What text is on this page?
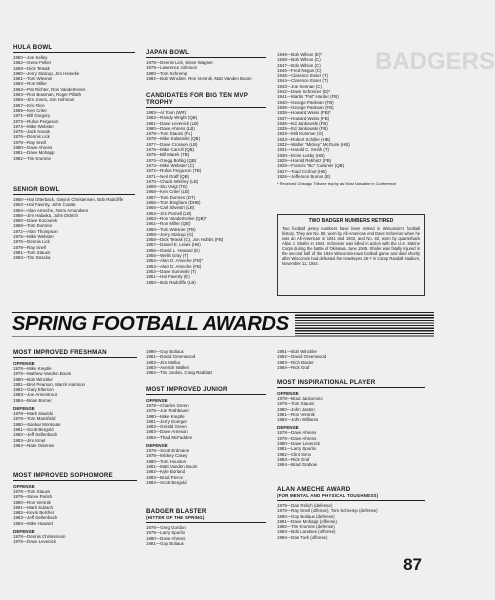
BADGERS
HULA BOWL
1950—Joe Kelley
1952—Gene Felker
1959—Dick Teteak
1960—Jerry Stalcup, Jim Heineke
1961—Tom Wiesner
1962—Ron Miller
1963—Pat Richter, Ron VanderKelen
1964—Ron Bowman, Roger Pillath
1965—Jim Jones, Jon Hohman
1967—Eric Rice
1969—Ken Criter
1971—Bill Gregory
1973—Rufus Ferguson
1974—Mike Webster
1975—Jack Novak
1976—Dennis Lick
1979—Ray Snell
1980—Dave Ahrens
1981—Dave Mohapp
1982—Tim Krumrie
SENIOR BOWL
1950—Hal Otterback, Gwynn Christensen, Bob Radcliffe
1952—Hal Faverty, John Coatta
1954—Alan Ameche, Norm Amundsen
1956—Jim Haluska, John Dittrich
1960—Dave Kocourek
1968—Tom Domres
1972—Alan Thompson
1975—Mike Webster
1976—Dennis Lick
1979—Ray Snell
1981—Tom Stauss
1983—Tim Stracka
JAPAN BOWL
1978—Dennis Lick, Steve Wagner
1979—Lawrence Johnson
1980—Tom Schremp
1982—Bob Winckler, Ron Versnik, Matt Vanden Boom
CANDIDATES FOR BIG TEN MVP TROPHY
1983—Al Toon (WR)
1982—Randy Wright (QB)
1981—Dave Levenick (LB)
1980—Dave Ahrens (LB)
1979—Tom Stauss (FL)
1978—Mike Kalasmiki (QB)
1977—Dave Crossen (LB)
1976—Mike Carroll (QB)
1975—Bill Marek (TB)
1974—Gregg Bohlig (QB)
1973—Mike Webster (C)
1972—Rufus Ferguson (TB)
1971—Neil Graff (QB)
1970—Chuck Winfrey (LB)
1969—Stu Voigt (TE)
1968—Ken Criter (LB)
1967—Tom Domres (DT)
1966—Tom Bingham (DHB)
1965—Carl Silvestri (LB)
1964—Jim Purnell (LB)
1963—Ron VanderKelen (QB)*
1961—Ron Miller (QB)
1960—Tom Wiesner (FB)
1959—Jerry Stalcup (G)
1958—Dick Teteak (C), Jon Hobbs (FB)
1957—Daniel E. Lewis (HB)
1956—David L. Howard (E)
1955—Wells Gray (T)
1954—Alan D. Ameche (FB)*
1953—Alan D. Ameche (FB)
1952—Dave Suminski (T)
1951—Hal Faverty (E)
1950—Bob Radcliffe (LB)
1949—Bob Wilson (E)*
1948—Bob Wilson (C)
1947—Bob Wilson (C)
1946—Fred Negus (C)
1945—Clarence Esser (T)
1944—Clarence Esser (T)
1943—Joe Keenan (C)
1942—Dave Schreiner (E)*
1941—Martin "Pat" Harder (FB)
1940—George Paskvan (FB)
1939—George Paskvan (FB)
1938—Howard Weiss (FB)*
1937—Howard Weiss (FB)
1936—Ed Jankowski (FB)
1935—Ed Jankowski (FB)
1934—Milt Kummer (G)
1933—Robert Schiller (HB)
1932—Walter "Mickey" McGuire (HB)
1931—Harold C. Smith (T)
1930—Ernie Lusby (HB)
1929—Harold Rebholz (FB)
1928—Francis "Bo" Cuisinier (QB)
1927—Toad Crofoot (HB)
1926—Jefferson Burrus (E)
* Received Chicago Tribune trophy as Most Valuable in Conference
TWO BADGER NUMBERS RETIRED
Two football jersey numbers have been retired in Wisconsin's football history. They are No. 80, worn by All-American end Dave Schreiner when he was an All-American in 1941 and 1942, and No. 83, worn by quarterback Allan J. Shafer in 1944. Schreiner was killed in action with the U.S. Marine Corps during the battle of Okinawa, June 1945. Shafer was fatally injured in the second half of the 1944 Wisconsin-Iowa football game and died shortly after Wisconsin had defeated the Hawkeyes 26-7 in Camp Randall stadium, November 11, 1944.
SPRING FOOTBALL AWARDS
MOST IMPROVED FRESHMAN
OFFENSE
1978—Mike Kreptle
1979—Mathew Vanden Boom
1980—Bob Winckler
1981—Bret Pearson, Marck Harrison
1982—Gary Ellerson
1983—Joe Armentrout
1984—Brian Borner
DEFENSE
1978—Mark Sawicki
1979—Tom Mansfield
1980—Sankar Montoute
1981—Scott Bergold
1982—Jeff Dellenbach
1983—Jim Kmet
1984—Nate Odomes
MOST IMPROVED SOPHOMORE
OFFENSE
1978—Tom Stauss
1979—Steve Parish
1980—Ron Versnik
1981—Mark Subach
1982—Kevin Belcher
1983—Jeff Dellenbach
1984—Mike Howard
DEFENSE
1978—Dennis Christenson
1979—Dave Levenick
1980—Guy Boliaux
1981—David Greenwood
1982—Jim Melka
1983—Averick Walker
1984—Tim Jordan, Craig Raddatz
MOST IMPROVED JUNIOR
OFFENSE
1978—Charles Green
1979—Joe Rothbauer
1980—Mike Kreptle
1981—Jerry Doerger
1982—Gerald Green
1983—Dave Arneson
1984—Thad McFadden
DEFENSE
1978—Scott Erdmann
1979—Mickey Casey
1980—Tom Houston
1981—Matt Vanden Boom
1982—Kyle Borland
1983—Brad Pierce
1984—Scott Bergold
BADGER BLASTER
(HITTER OF THE SPRING)
1978—Greg Gordon
1979—Larry Spurlin
1980—Dave Ahrens
1981—Guy Boliaux
1981—Bob Winckler
1982—David Greenwood
1983—Rich Baxter
1984—Rick Graf
MOST INSPIRATIONAL PLAYER
OFFENSE
1978—Brad Jackomino
1979—Tom Stauss
1980—John Jasten
1981—Ron Versnik
1982—John Williams
DEFENSE
1978—Dave Ahrens
1979—Dave Ahrens
1980—Dave Levenick
1981—Larry Spurlin
1982—Clint Sims
1983—Rick Graf
1984—Brad Grabow
ALAN AMECHE AWARD
(FOR MENTAL AND PHYSICAL TOUGHNESS)
1978—Dan Relich (defense)
1979—Ray Snell (offense), Tom Schremp (defense)
1980—Guy Boliaux (defense)
1981—Dave Mohapp (offense)
1982—Tim Krumrie (defense)
1983—Bob Landsee (offense)
1984—Dan Turk (offense)
87
